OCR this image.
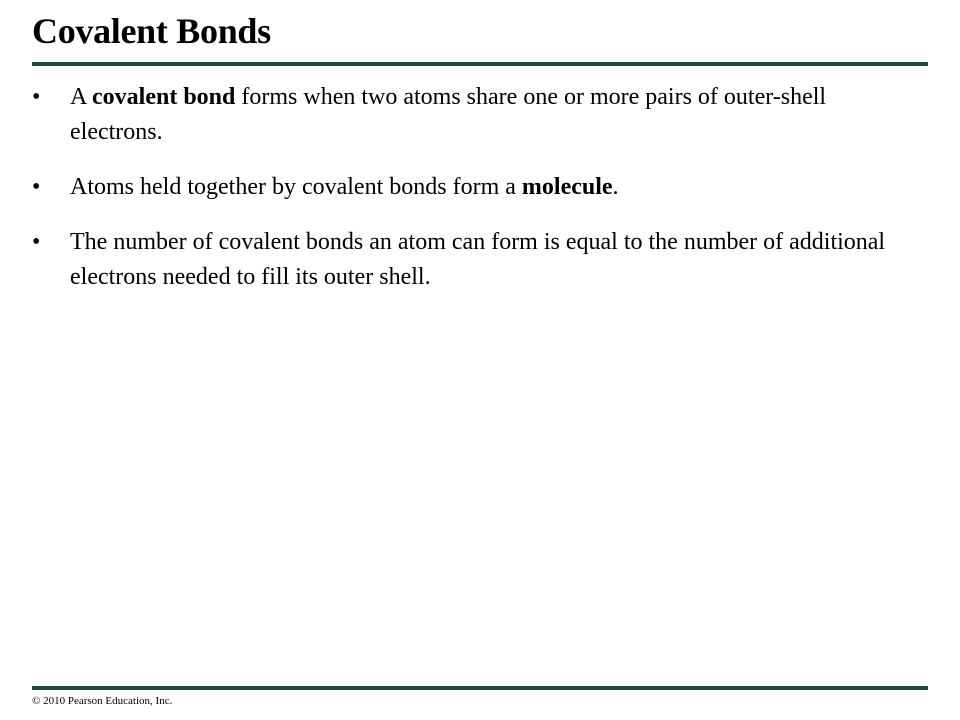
Covalent Bonds
•	A covalent bond forms when two atoms share one or more pairs of outer-shell electrons.
•	Atoms held together by covalent bonds form a molecule.
•	The number of covalent bonds an atom can form is equal to the number of additional electrons needed to fill its outer shell.
© 2010 Pearson Education, Inc.
